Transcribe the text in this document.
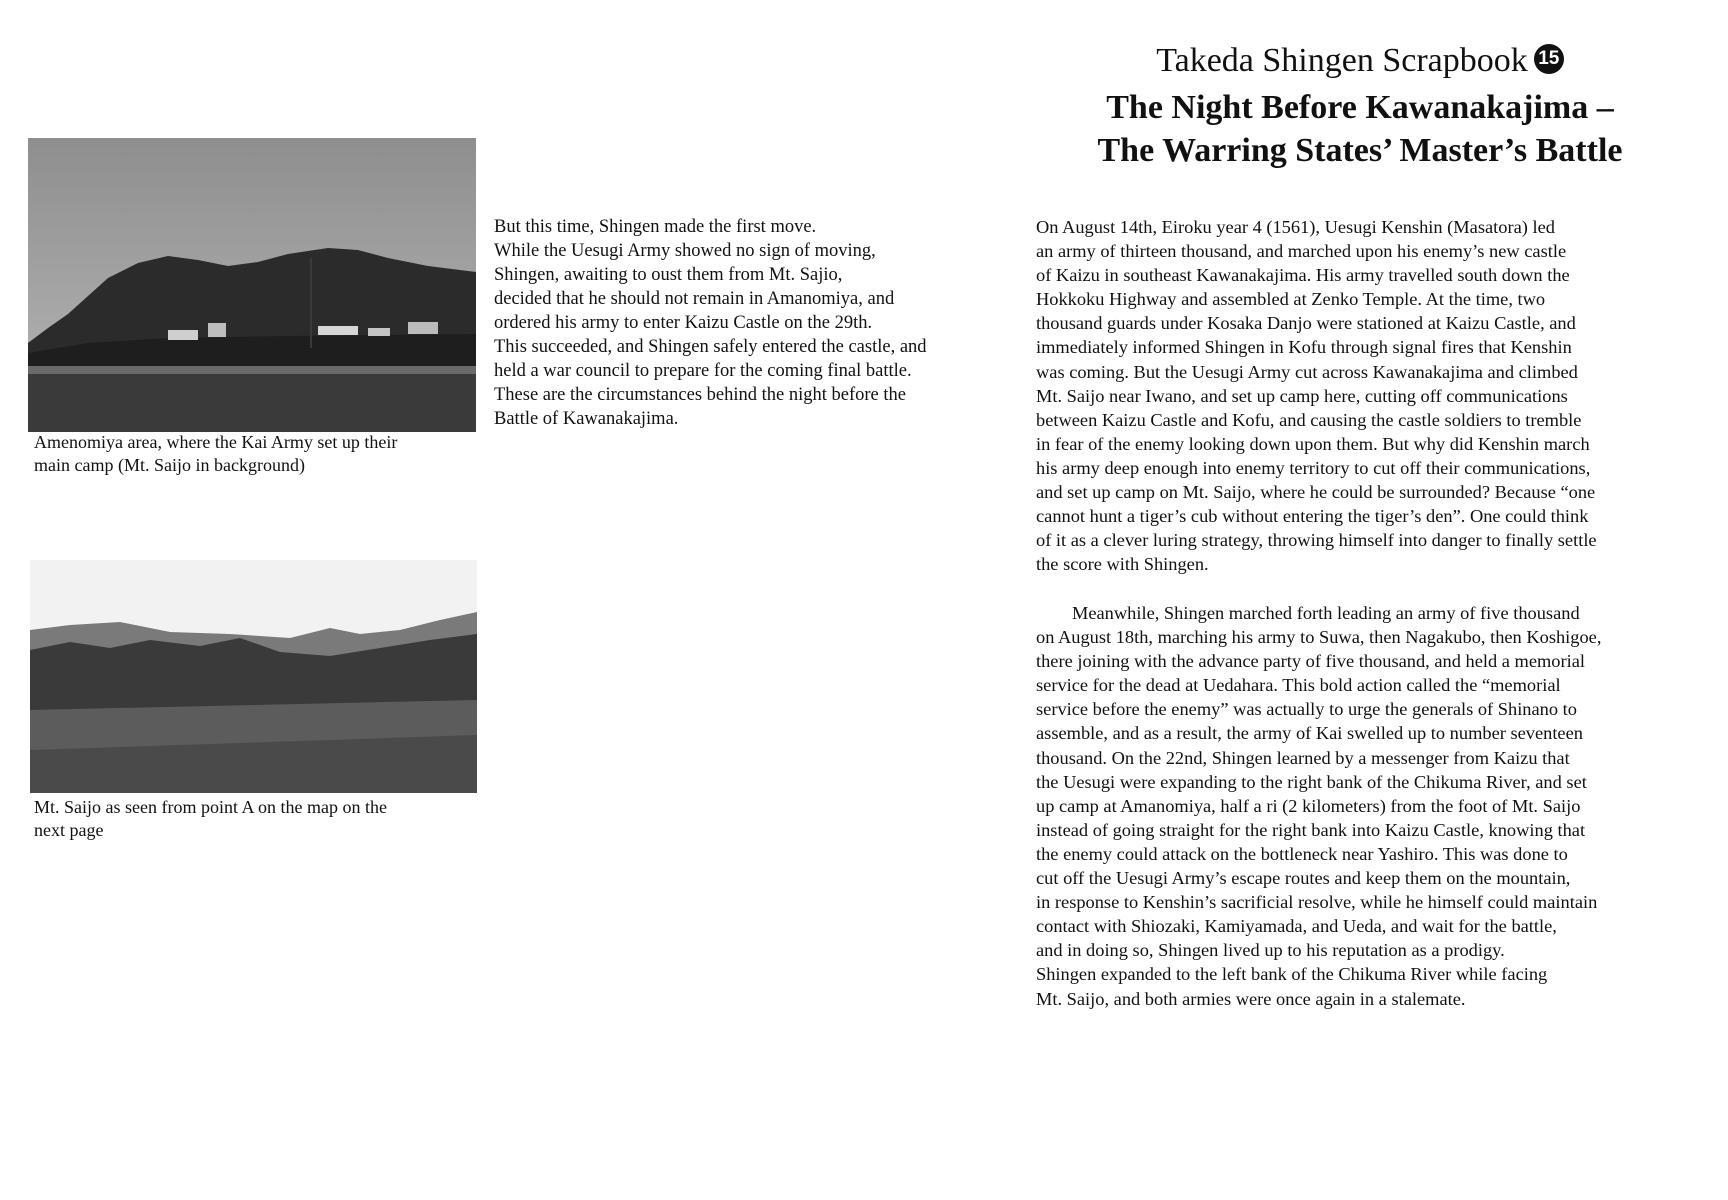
Amenomiya area, where the Kai Army set up their
main camp (Mt. Saijo in background)
Mt. Saijo as seen from point A on the map on the
next page
But this time, Shingen made the first move.
While the Uesugi Army showed no sign of moving,
Shingen, awaiting to oust them from Mt. Sajio,
decided that he should not remain in Amanomiya, and
ordered his army to enter Kaizu Castle on the 29th.
This succeeded, and Shingen safely entered the castle, and
held a war council to prepare for the coming final battle.
These are the circumstances behind the night before the
Battle of Kawanakajima.
Takeda Shingen Scrapbook 15
The Night Before Kawanakajima –
The Warring States’ Master’s Battle
On August 14th, Eiroku year 4 (1561), Uesugi Kenshin (Masatora) led
an army of thirteen thousand, and marched upon his enemy’s new castle
of Kaizu in southeast Kawanakajima. His army travelled south down the
Hokkoku Highway and assembled at Zenko Temple. At the time, two
thousand guards under Kosaka Danjo were stationed at Kaizu Castle, and
immediately informed Shingen in Kofu through signal fires that Kenshin
was coming. But the Uesugi Army cut across Kawanakajima and climbed
Mt. Saijo near Iwano, and set up camp here, cutting off communications
between Kaizu Castle and Kofu, and causing the castle soldiers to tremble
in fear of the enemy looking down upon them. But why did Kenshin march
his army deep enough into enemy territory to cut off their communications,
and set up camp on Mt. Saijo, where he could be surrounded? Because “one
cannot hunt a tiger’s cub without entering the tiger’s den”. One could think
of it as a clever luring strategy, throwing himself into danger to finally settle
the score with Shingen.
Meanwhile, Shingen marched forth leading an army of five thousand
on August 18th, marching his army to Suwa, then Nagakubo, then Koshigoe,
there joining with the advance party of five thousand, and held a memorial
service for the dead at Uedahara. This bold action called the “memorial
service before the enemy” was actually to urge the generals of Shinano to
assemble, and as a result, the army of Kai swelled up to number seventeen
thousand. On the 22nd, Shingen learned by a messenger from Kaizu that
the Uesugi were expanding to the right bank of the Chikuma River, and set
up camp at Amanomiya, half a ri (2 kilometers) from the foot of Mt. Saijo
instead of going straight for the right bank into Kaizu Castle, knowing that
the enemy could attack on the bottleneck near Yashiro. This was done to
cut off the Uesugi Army’s escape routes and keep them on the mountain,
in response to Kenshin’s sacrificial resolve, while he himself could maintain
contact with Shiozaki, Kamiyamada, and Ueda, and wait for the battle,
and in doing so, Shingen lived up to his reputation as a prodigy.
Shingen expanded to the left bank of the Chikuma River while facing
Mt. Saijo, and both armies were once again in a stalemate.
